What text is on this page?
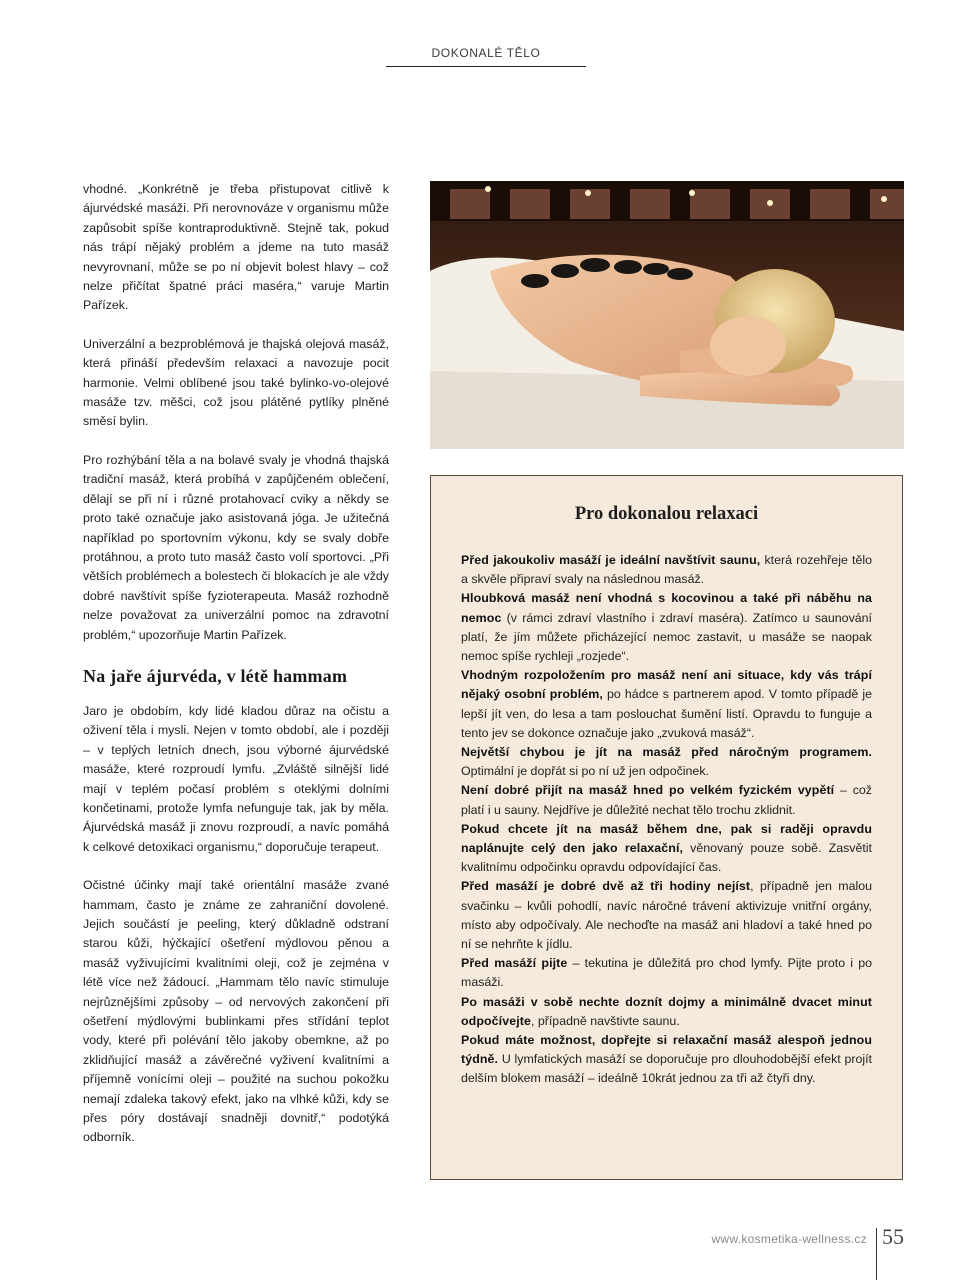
DOKONALÉ TĚLO

vhodné. „Konkrétně je třeba přistupovat citlivě k ájurvédské masáži. Při nerovnováze v organismu může zapůsobit spíše kontraproduktivně. Stejně tak, pokud nás trápí nějaký problém a jdeme na tuto masáž nevyrovnaní, může se po ní objevit bolest hlavy – což nelze přičítat špatné práci maséra,“ varuje Martin Pařízek.

Univerzální a bezproblémová je thajská olejová masáž, která přináší především relaxaci a navozuje pocit harmonie. Velmi oblíbené jsou také bylinko-vo-olejové masáže tzv. měšci, což jsou plátěné pytlíky plněné směsí bylin.

Pro rozhýbání těla a na bolavé svaly je vhodná thajská tradiční masáž, která probíhá v zapůjčeném oblečení, dělají se při ní i různé protahovací cviky a někdy se proto také označuje jako asistovaná jóga. Je užitečná například po sportovním výkonu, kdy se svaly dobře protáhnou, a proto tuto masáž často volí sportovci. „Při větších problémech a bolestech či blokacích je ale vždy dobré navštívit spíše fyzioterapeuta. Masáž rozhodně nelze považovat za univerzální pomoc na zdravotní problém,“ upozorňuje Martin Pařízek.

Na jaře ájurvéda, v létě hammam

Jaro je obdobím, kdy lidé kladou důraz na očistu a oživení těla i mysli. Nejen v tomto období, ale i později – v teplých letních dnech, jsou výborné ájurvédské masáže, které rozproudí lymfu. „Zvláště silnější lidé mají v teplém počasí problém s oteklými dolními končetinami, protože lymfa nefunguje tak, jak by měla. Ájurvédská masáž ji znovu rozproudí, a navíc pomáhá k celkové detoxikaci organismu,“ doporučuje terapeut.

Očistné účinky mají také orientální masáže zvané hammam, často je známe ze zahraniční dovolené. Jejich součástí je peeling, který důkladně odstraní starou kůži, hýčkající ošetření mýdlovou pěnou a masáž vyživujícími kvalitními oleji, což je zejména v létě více než žádoucí. „Hammam tělo navíc stimuluje nejrůznějšími způsoby – od nervových zakončení při ošetření mýdlovými bublinkami přes střídání teplot vody, které při polévání tělo jakoby obemkne, až po zklidňující masáž a závěrečné vyživení kvalitními a příjemně vonícími oleji – použité na suchou pokožku nemají zdaleka takový efekt, jako na vlhké kůži, kdy se přes póry dostávají snadněji dovnitř,“ podotýká odborník.

Pro dokonalou relaxaci

Před jakoukoliv masáží je ideální navštívit saunu, která rozehřeje tělo a skvěle připraví svaly na následnou masáž.

Hloubková masáž není vhodná s kocovinou a také při náběhu na nemoc (v rámci zdraví vlastního i zdraví maséra). Zatímco u saunování platí, že jím můžete přicházející nemoc zastavit, u masáže se naopak nemoc spíše rychleji „rozjede“.

Vhodným rozpoložením pro masáž není ani situace, kdy vás trápí nějaký osobní problém, po hádce s partnerem apod. V tomto případě je lepší jít ven, do lesa a tam poslouchat šumění listí. Opravdu to funguje a tento jev se dokonce označuje jako „zvuková masáž“.

Největší chybou je jít na masáž před náročným programem. Optimální je dopřát si po ní už jen odpočinek.

Není dobré přijít na masáž hned po velkém fyzickém vypětí – což platí i u sauny. Nejdříve je důležité nechat tělo trochu zklidnit.

Pokud chcete jít na masáž během dne, pak si raději opravdu naplánujte celý den jako relaxační, věnovaný pouze sobě. Zasvětit kvalitnímu odpočinku opravdu odpovídající čas.

Před masáží je dobré dvě až tři hodiny nejíst, případně jen malou svačinku – kvůli pohodlí, navíc náročné trávení aktivizuje vnitřní orgány, místo aby odpočívaly. Ale nechoďte na masáž ani hladoví a také hned po ní se nehrňte k jídlu.

Před masáží pijte – tekutina je důležitá pro chod lymfy. Pijte proto i po masáži.

Po masáži v sobě nechte doznít dojmy a minimálně dvacet minut odpočívejte, případně navštivte saunu.

Pokud máte možnost, dopřejte si relaxační masáž alespoň jednou týdně. U lymfatických masáží se doporučuje pro dlouhodobější efekt projít delším blokem masáží – ideálně 10krát jednou za tři až čtyři dny.

www.kosmetika-wellness.cz 55
